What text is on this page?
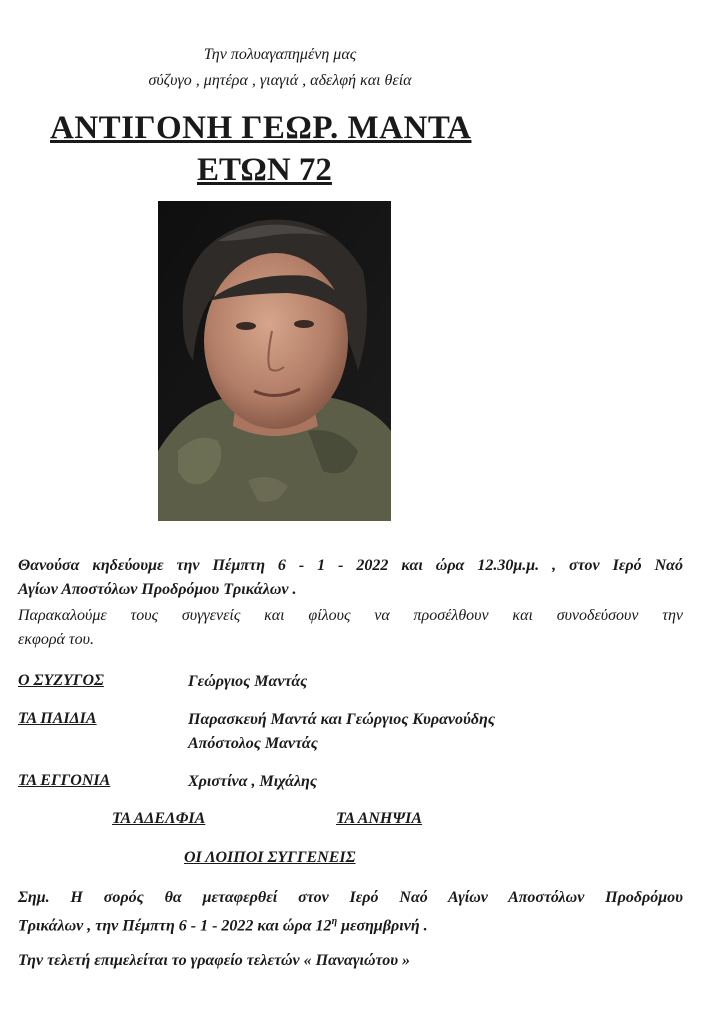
Την πολυαγαπημένη μας
σύζυγο , μητέρα , γιαγιά , αδελφή και θεία
ΑΝΤΙΓΟΝΗ ΓΕΩΡ. ΜΑΝΤΑ
ΕΤΩΝ 72
Θανούσα κηδεύουμε την Πέμπτη 6 - 1 - 2022 και ώρα 12.30μ.μ. , στον Ιερό Ναό
Αγίων Αποστόλων Προδρόμου Τρικάλων .
Παρακαλούμε τους συγγενείς και φίλους να προσέλθουν και συνοδεύσουν την
εκφορά του.
Ο ΣΥΖΥΓΟΣ	Γεώργιος Μαντάς
ΤΑ ΠΑΙΔΙΑ	Παρασκευή Μαντά και Γεώργιος Κυρανούδης
Απόστολος Μαντάς
ΤΑ ΕΓΓΟΝΙΑ	Χριστίνα , Μιχάλης
ΤΑ ΑΔΕΛΦΙΑ	ΤΑ ΑΝΗΨΙΑ
ΟΙ ΛΟΙΠΟΙ ΣΥΓΓΕΝΕΙΣ
Σημ. Η σορός θα μεταφερθεί στον Ιερό Ναό Αγίων Αποστόλων Προδρόμου
Τρικάλων , την Πέμπτη 6 - 1 - 2022 και ώρα $12^\eta$ μεσημβρινή .
Την τελετή επιμελείται το γραφείο τελετών « Παναγιώτου »
